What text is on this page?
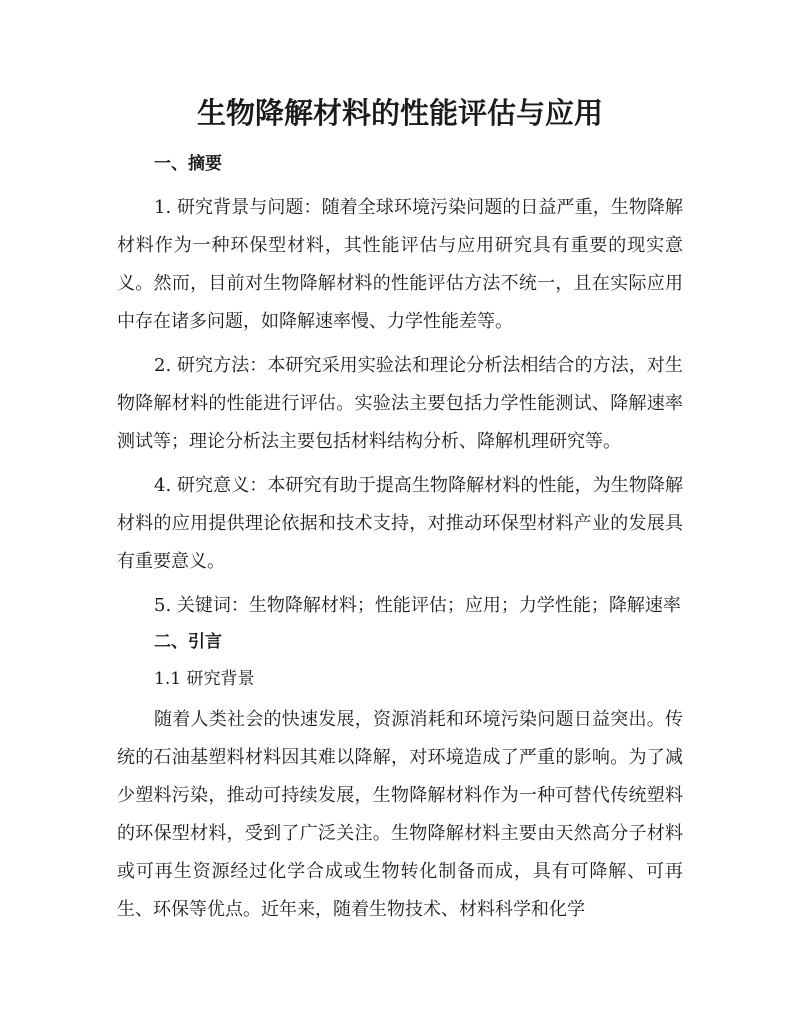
生物降解材料的性能评估与应用
一、摘要

1. 研究背景与问题：随着全球环境污染问题的日益严重，生物降解材料作为一种环保型材料，其性能评估与应用研究具有重要的现实意义。然而，目前对生物降解材料的性能评估方法不统一，且在实际应用中存在诸多问题，如降解速率慢、力学性能差等。

2. 研究方法：本研究采用实验法和理论分析法相结合的方法，对生物降解材料的性能进行评估。实验法主要包括力学性能测试、降解速率测试等；理论分析法主要包括材料结构分析、降解机理研究等。

4. 研究意义：本研究有助于提高生物降解材料的性能，为生物降解材料的应用提供理论依据和技术支持，对推动环保型材料产业的发展具有重要意义。

5. 关键词：生物降解材料；性能评估；应用；力学性能；降解速率

二、引言
1.1 研究背景

随着人类社会的快速发展，资源消耗和环境污染问题日益突出。传统的石油基塑料材料因其难以降解，对环境造成了严重的影响。为了减少塑料污染，推动可持续发展，生物降解材料作为一种可替代传统塑料的环保型材料，受到了广泛关注。生物降解材料主要由天然高分子材料或可再生资源经过化学合成或生物转化制备而成，具有可降解、可再生、环保等优点。近年来，随着生物技术、材料科学和化学
